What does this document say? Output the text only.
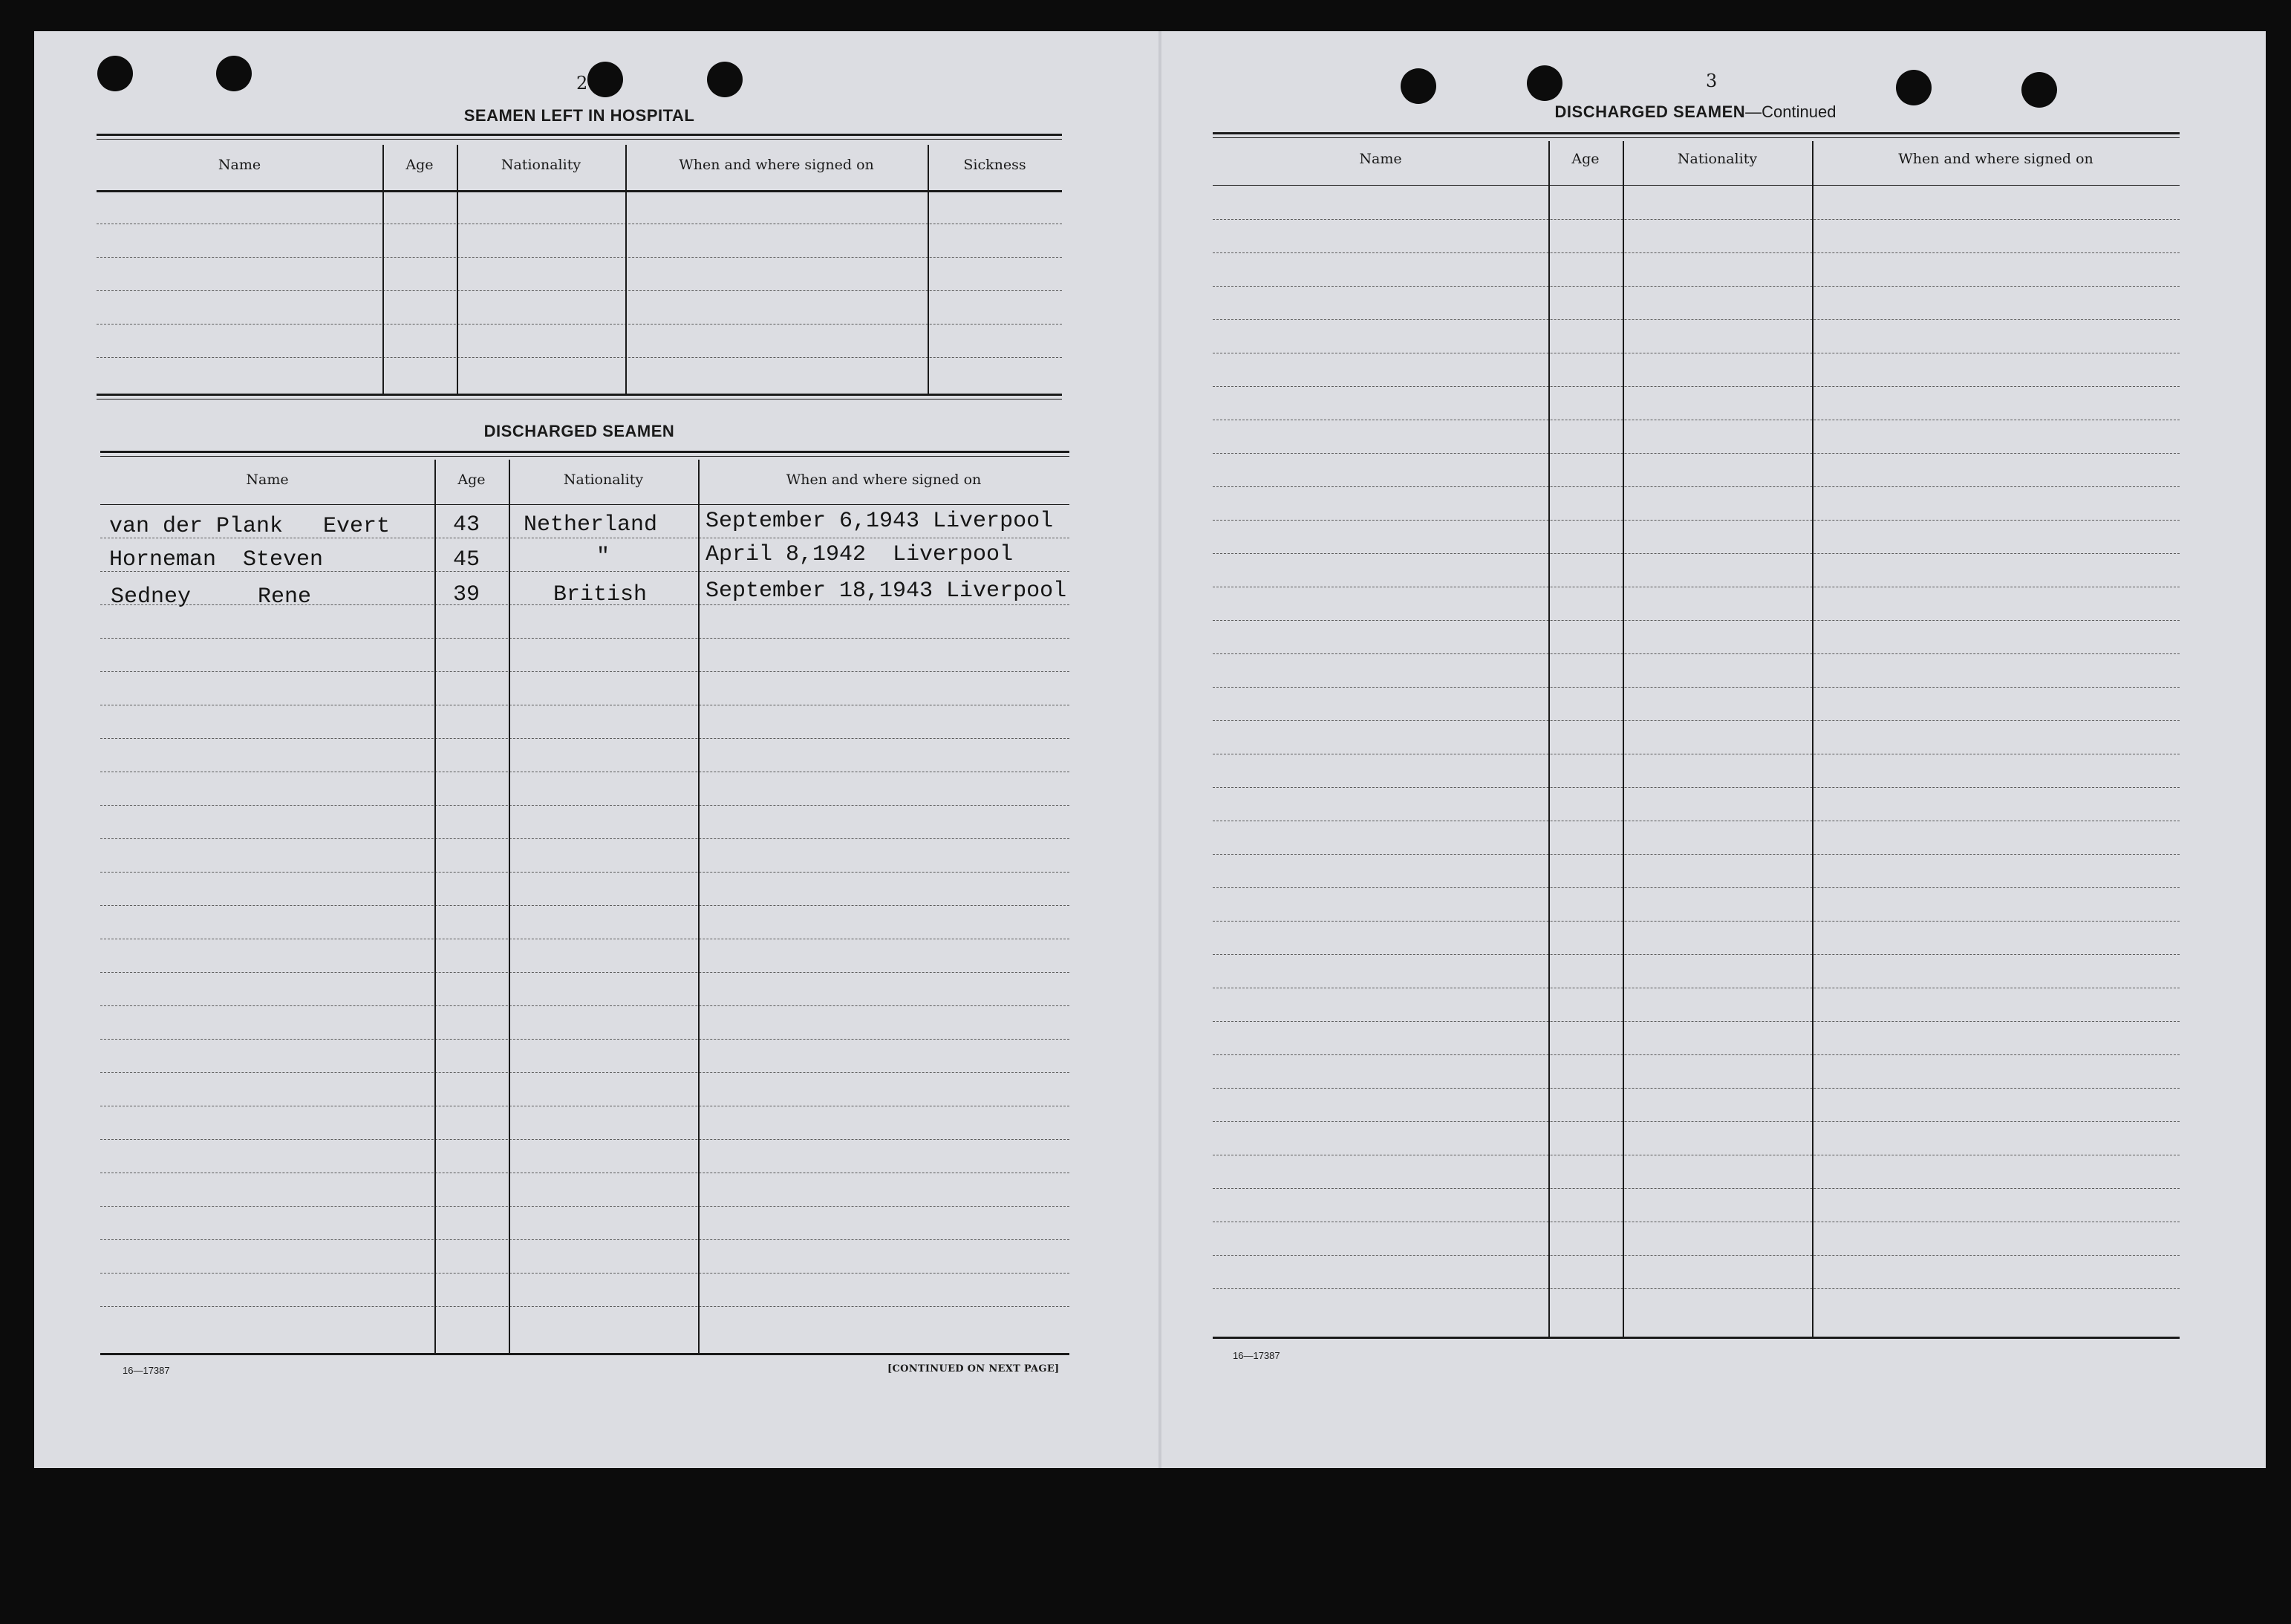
2
SEAMEN LEFT IN HOSPITAL
Name	Age	Nationality	When and where signed on	Sickness
DISCHARGED SEAMEN
Name	Age	Nationality	When and where signed on
van der Plank   Evert	43 Netherland September 6,1943 Liverpool
Horneman  Steven	45	"	April 8,1942  Liverpool
Sedney     Rene	39	British	September 18,1943 Liverpool
16—17387	[CONTINUED ON NEXT PAGE]
3
DISCHARGED SEAMEN—Continued
Name	Age	Nationality	When and where signed on
16—17387
